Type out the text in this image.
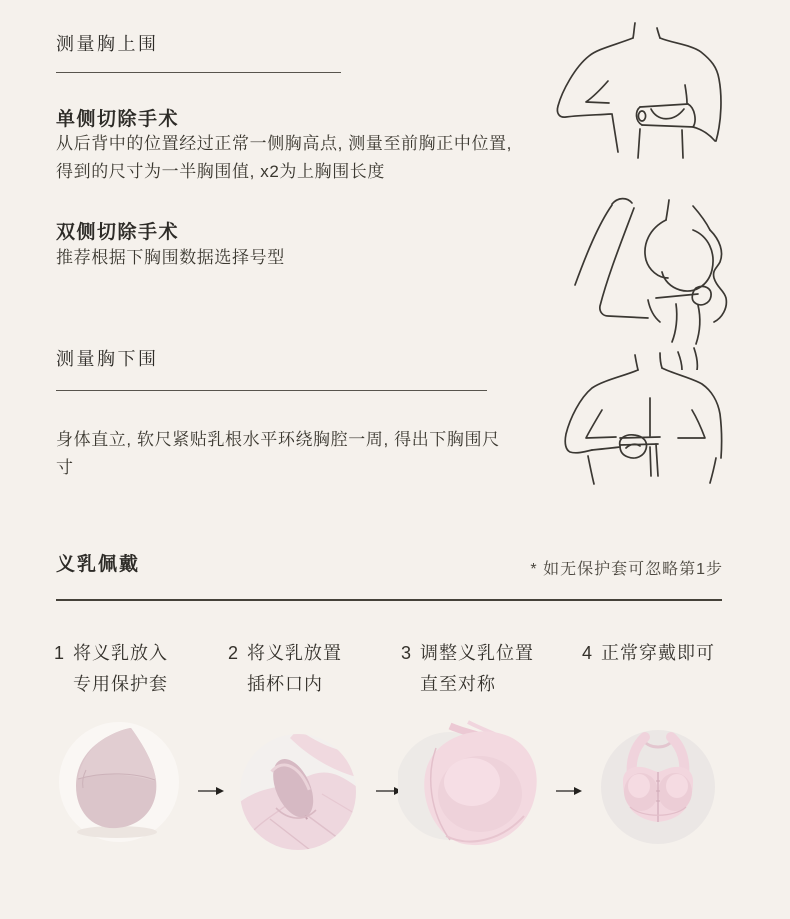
测量胸上围
单侧切除手术
从后背中的位置经过正常一侧胸高点, 测量至前胸正中位置, 得到的尺寸为一半胸围值, x2为上胸围长度
双侧切除手术
推荐根据下胸围数据选择号型
测量胸下围
身体直立, 软尺紧贴乳根水平环绕胸腔一周, 得出下胸围尺寸
义乳佩戴	* 如无保护套可忽略第1步
1 将义乳放入
专用保护套
2 将义乳放置
插杯口内
3 调整义乳位置
直至对称
4 正常穿戴即可
